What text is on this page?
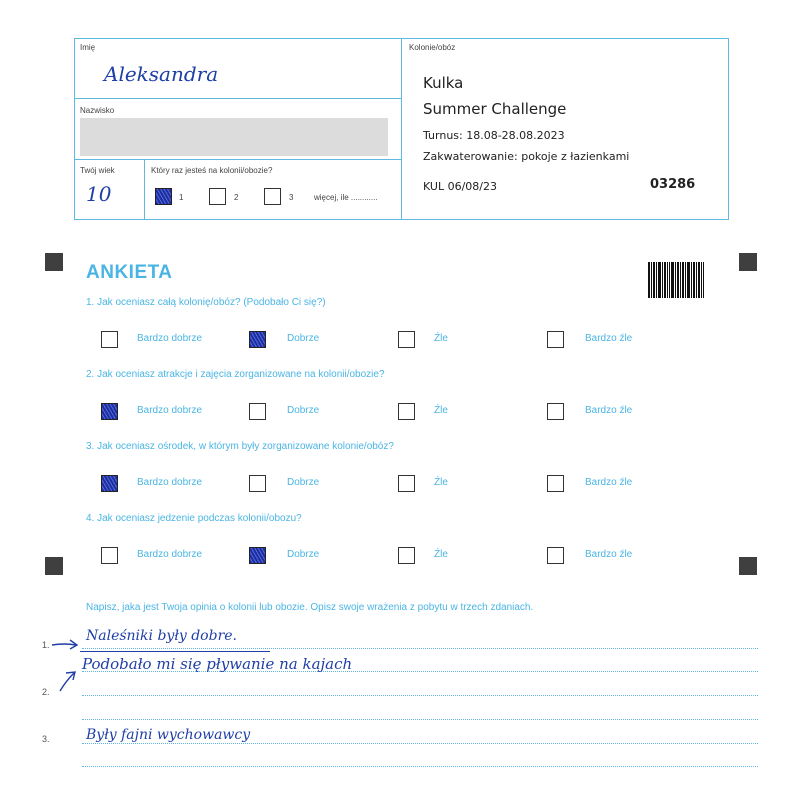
Imię
Aleksandra
Nazwisko
Twój wiek
10
Który raz jesteś na kolonii/obozie?
1	2	3	więcej, ile ............
Kolonie/obóz
Kulka
Summer Challenge
Turnus: 18.08-28.08.2023
Zakwaterowanie: pokoje z łazienkami
KUL 06/08/23	03286
ANKIETA
1. Jak oceniasz całą kolonię/obóz? (Podobało Ci się?)
Bardzo dobrze	Dobrze	Źle	Bardzo źle
2. Jak oceniasz atrakcje i zajęcia zorganizowane na kolonii/obozie?
Bardzo dobrze	Dobrze	Źle	Bardzo źle
3. Jak oceniasz ośrodek, w którym były zorganizowane kolonie/obóz?
Bardzo dobrze	Dobrze	Źle	Bardzo źle
4. Jak oceniasz jedzenie podczas kolonii/obozu?
Bardzo dobrze	Dobrze	Źle	Bardzo źle
Napisz, jaka jest Twoja opinia o kolonii lub obozie. Opisz swoje wrażenia z pobytu w trzech zdaniach.
1.
2.
3.
Naleśniki były dobre.
Podobało mi się pływanie na kajach
Były fajni wychowawcy
